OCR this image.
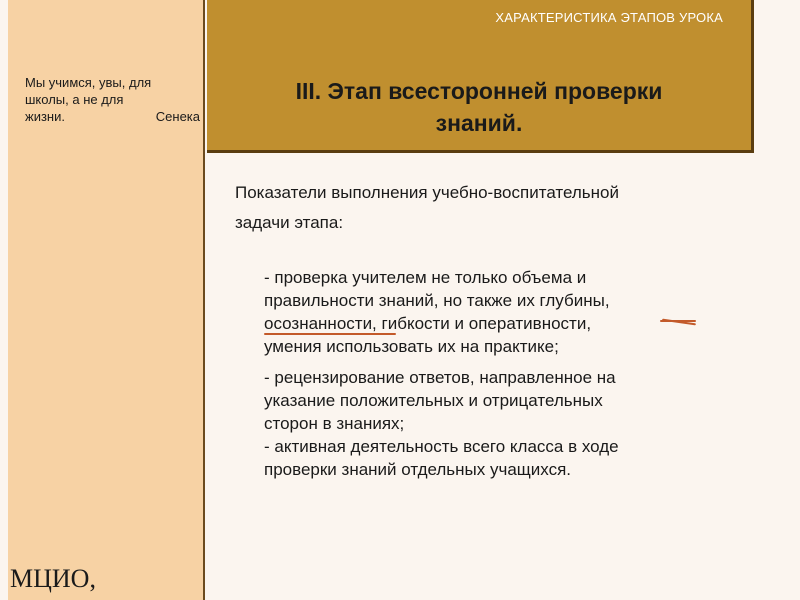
Мы учимся, увы, для
школы, а не для
жизни.	Сенека
МЦИО,
ХАРАКТЕРИСТИКА ЭТАПОВ УРОКА
III. Этап всесторонней проверки
знаний.
Показатели выполнения учебно-воспитательной
задачи этапа:
- проверка учителем не только объема и
правильности знаний, но также их глубины,
осознанности, гибкости и оперативности,
умения использовать их на практике;
- рецензирование ответов, направленное на
указание положительных и отрицательных
сторон в знаниях;
- активная деятельность всего класса в ходе
проверки знаний отдельных учащихся.
